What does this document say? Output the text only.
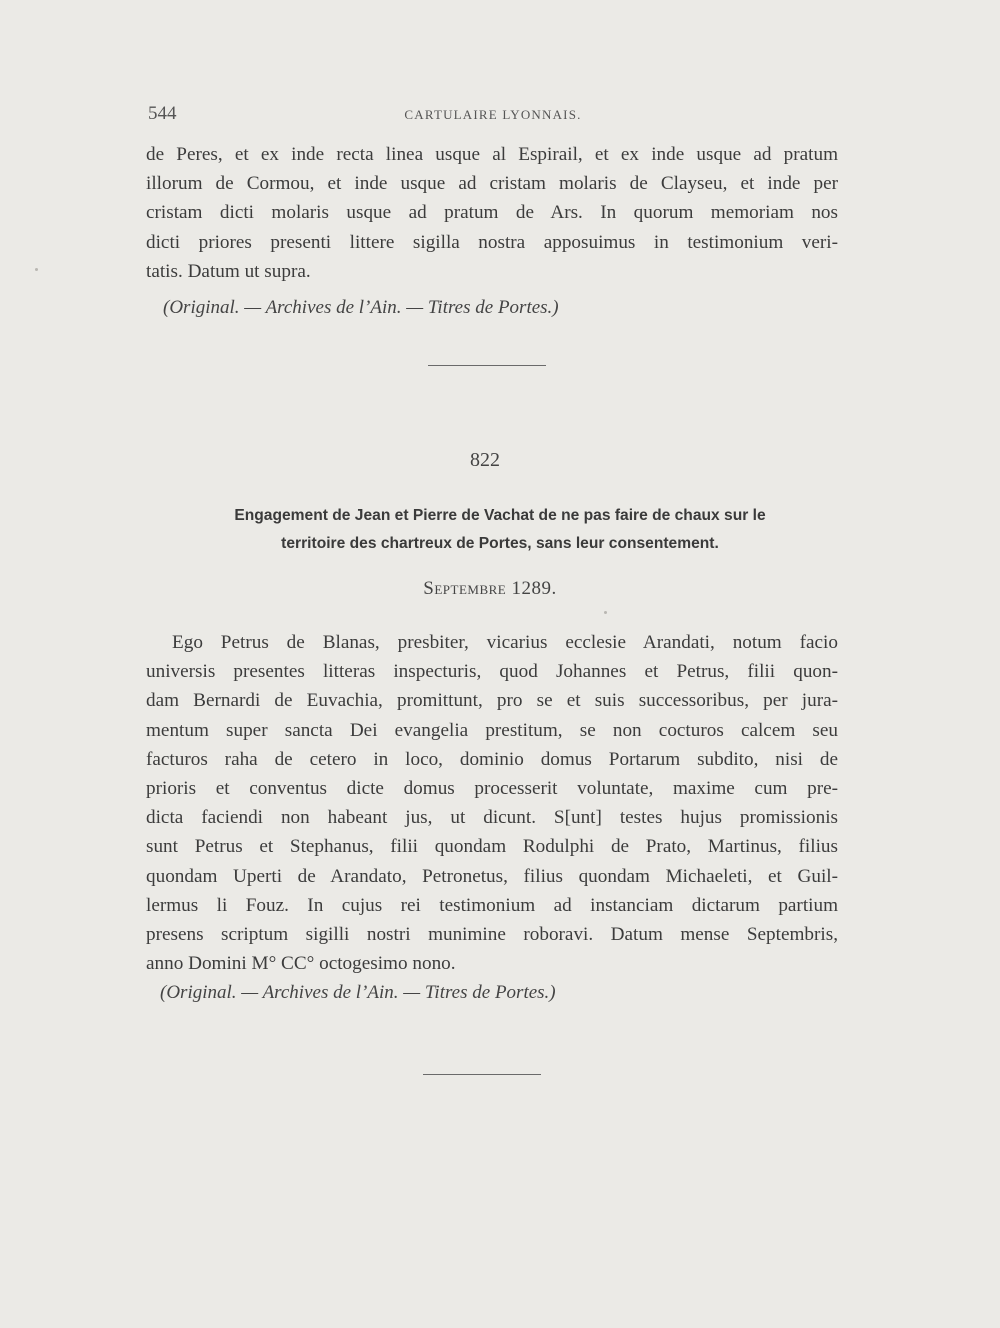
544	CARTULAIRE LYONNAIS.
de Peres, et ex inde recta linea usque al Espirail, et ex inde usque ad pratum
illorum de Cormou, et inde usque ad cristam molaris de Clayseu, et inde per
cristam dicti molaris usque ad pratum de Ars. In quorum memoriam nos
dicti priores presenti littere sigilla nostra apposuimus in testimonium veri-
tatis. Datum ut supra.
(Original. — Archives de l’Ain. — Titres de Portes.)
822
Engagement de Jean et Pierre de Vachat de ne pas faire de chaux sur le
territoire des chartreux de Portes, sans leur consentement.
Septembre 1289.
Ego Petrus de Blanas, presbiter, vicarius ecclesie Arandati, notum facio
universis presentes litteras inspecturis, quod Johannes et Petrus, filii quon-
dam Bernardi de Euvachia, promittunt, pro se et suis successoribus, per jura-
mentum super sancta Dei evangelia prestitum, se non cocturos calcem seu
facturos raha de cetero in loco, dominio domus Portarum subdito, nisi de
prioris et conventus dicte domus processerit voluntate, maxime cum pre-
dicta faciendi non habeant jus, ut dicunt. S[unt] testes hujus promissionis
sunt Petrus et Stephanus, filii quondam Rodulphi de Prato, Martinus, filius
quondam Uperti de Arandato, Petronetus, filius quondam Michaeleti, et Guil-
lermus li Fouz. In cujus rei testimonium ad instanciam dictarum partium
presens scriptum sigilli nostri munimine roboravi. Datum mense Septembris,
anno Domini M° CC° octogesimo nono.
(Original. — Archives de l’Ain. — Titres de Portes.)
